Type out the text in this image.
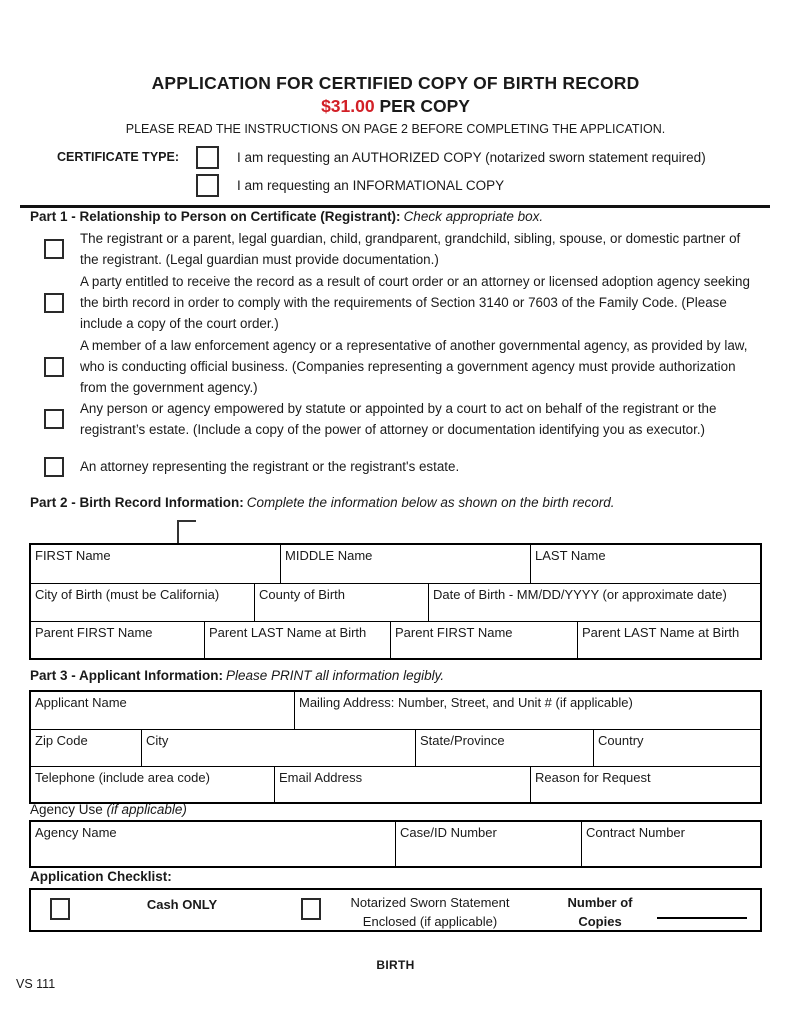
APPLICATION FOR CERTIFIED COPY OF BIRTH RECORD
$31.00 PER COPY
PLEASE READ THE INSTRUCTIONS ON PAGE 2 BEFORE COMPLETING THE APPLICATION.
CERTIFICATE TYPE:	I am requesting an AUTHORIZED COPY (notarized sworn statement required)
I am requesting an INFORMATIONAL COPY
Part 1 - Relationship to Person on Certificate (Registrant): Check appropriate box.
The registrant or a parent, legal guardian, child, grandparent, grandchild, sibling, spouse, or domestic partner of the registrant. (Legal guardian must provide documentation.)
A party entitled to receive the record as a result of court order or an attorney or licensed adoption agency seeking the birth record in order to comply with the requirements of Section 3140 or 7603 of the Family Code. (Please include a copy of the court order.)
A member of a law enforcement agency or a representative of another governmental agency, as provided by law, who is conducting official business. (Companies representing a government agency must provide authorization from the government agency.)
Any person or agency empowered by statute or appointed by a court to act on behalf of the registrant or the registrant’s estate. (Include a copy of the power of attorney or documentation identifying you as executor.)
An attorney representing the registrant or the registrant's estate.
Part 2 - Birth Record Information: Complete the information below as shown on the birth record.
FIRST Name	MIDDLE Name	LAST Name
City of Birth (must be California)	County of Birth	Date of Birth - MM/DD/YYYY (or approximate date)
Parent FIRST Name	Parent LAST Name at Birth	Parent FIRST Name	Parent LAST Name at Birth
Part 3 - Applicant Information: Please PRINT all information legibly.
Applicant Name	Mailing Address: Number, Street, and Unit # (if applicable)
Zip Code	City	State/Province	Country
Telephone (include area code)	Email Address	Reason for Request
Agency Use (if applicable)
Agency Name	Case/ID Number	Contract Number
Application Checklist:
Cash ONLY	Notarized Sworn Statement
Enclosed (if applicable)
Number of
Copies
BIRTH
VS 111
